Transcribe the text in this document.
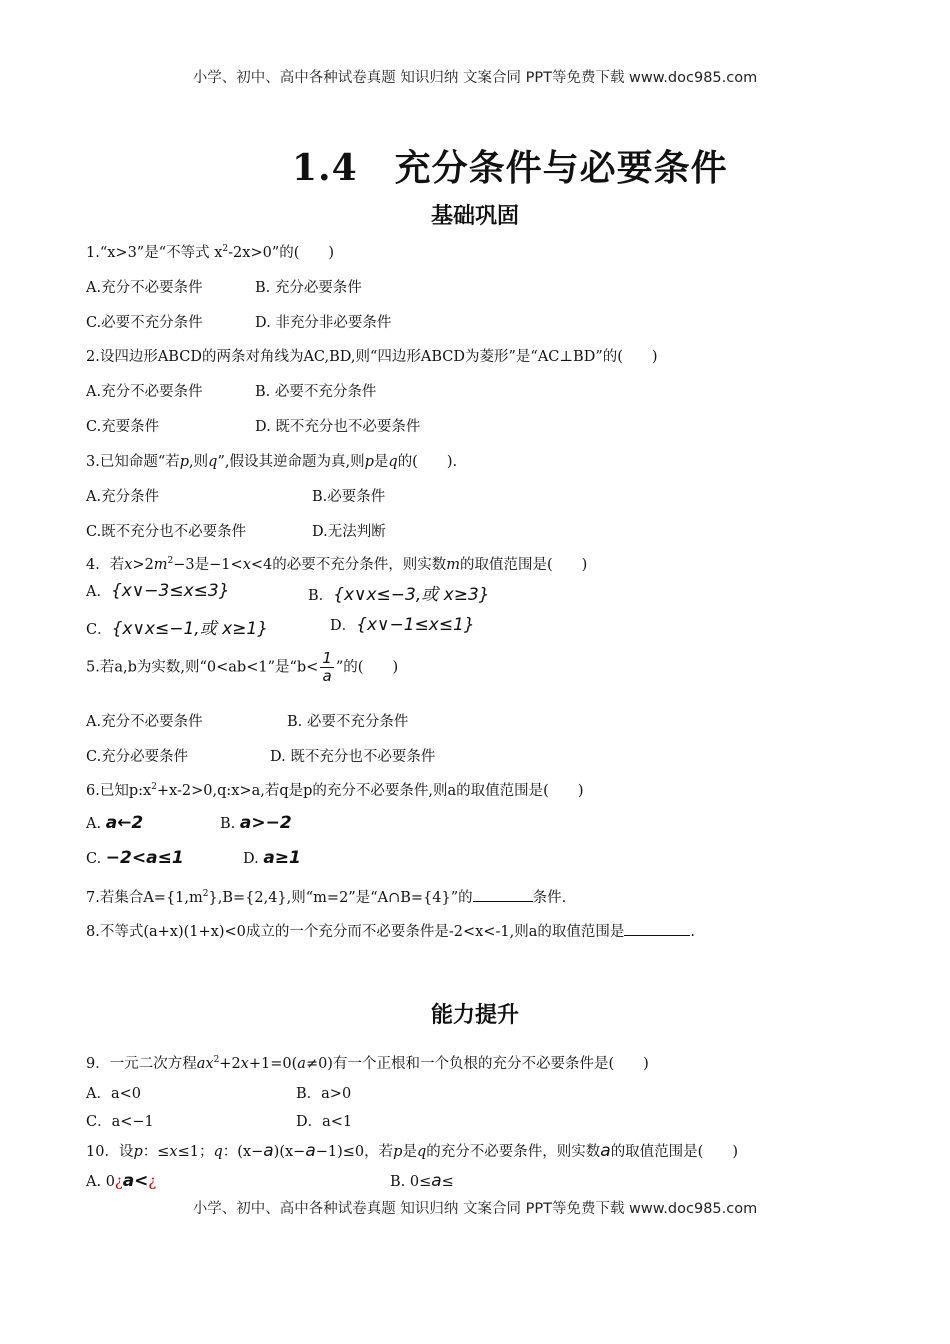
小学、初中、高中各种试卷真题 知识归纳 文案合同 PPT等免费下载 www.doc985.com
1.4　充分条件与必要条件
基础巩固
1.“x>3”是“不等式 $x^2-2x>0$”的(　　)
A.充分不必要条件	B. 充分必要条件
C.必要不充分条件	D. 非充分非必要条件
2.设四边形ABCD的两条对角线为AC,BD,则“四边形ABCD为菱形”是“AC⊥BD”的(　　)
A.充分不必要条件	B. 必要不充分条件
C.充要条件	D. 既不充分也不必要条件
3.已知命题“若p,则q”,假设其逆命题为真,则p是q的(　　).
A.充分条件	B.必要条件
C.既不充分也不必要条件	D.无法判断
4．若$x>2m^2-3$是−1<x<4的必要不充分条件，则实数m的取值范围是(　　)
A．{x∨−3≤x≤3}	B．{x∨x≤−3,或 x≥3}
C．{x∨x≤−1,或 x≥1}	D．{x∨−1≤x≤1}
5.若a,b为实数,则“0<ab<1”是“$b< \frac{1}{a}$ ”的(　　)
A.充分不必要条件	B. 必要不充分条件
C.充分必要条件	D. 既不充分也不必要条件
6.已知$p:x^2+x-2>0,q:x>a$,若q是p的充分不必要条件,则a的取值范围是(　　)
A. a←2	B. a>−2
C. −2<a≤1	D. a≥1
7.若集合$A=\{1,m^2\},B=\{2,4\}$,则“m=2”是“A∩B={4}”的	条件.
8.不等式(a+x)(1+x)<0成立的一个充分而不必要条件是-2<x<-1,则a的取值范围是	.
能力提升
9．一元二次方程$ax^2+2x+1=0(a\ne 0)$有一个正根和一个负根的充分不必要条件是(　　)
A．a<0	B．a>0
C．a<−1	D．a<1
10．设p：≤x≤1；q：(x−a)(x−a−1)≤0，若p是q的充分不必要条件，则实数a的取值范围是(　　)
A. 0¿a<¿	B. 0≤a≤
小学、初中、高中各种试卷真题 知识归纳 文案合同 PPT等免费下载 www.doc985.com
